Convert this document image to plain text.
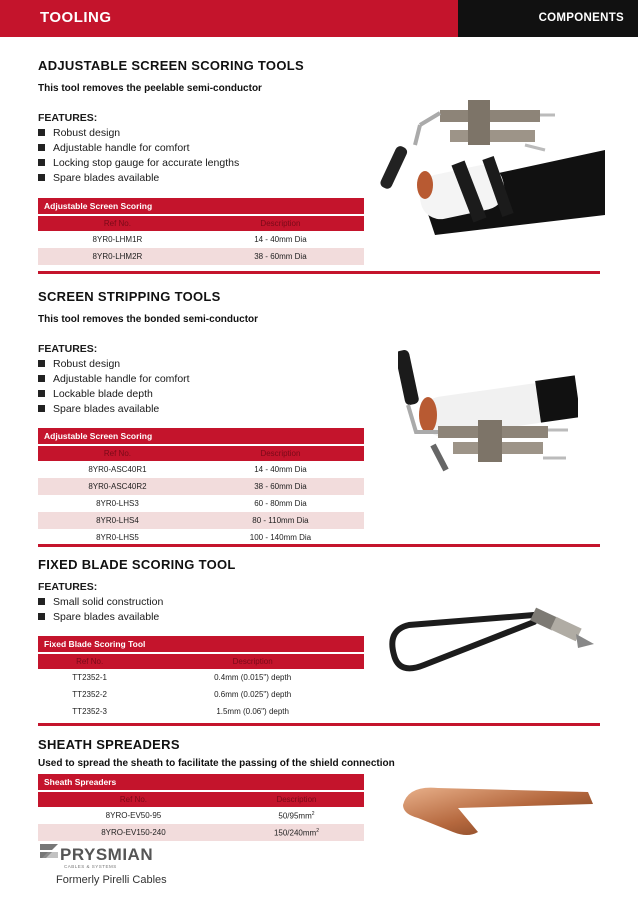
TOOLING	COMPONENTS
ADJUSTABLE SCREEN SCORING TOOLS
This tool removes the peelable semi-conductor
FEATURES:
Robust design
Adjustable handle for comfort
Locking stop gauge for accurate lengths
Spare blades available
Adjustable Screen Scoring	
Ref No.	Description
8YR0-LHM1R	14 - 40mm Dia
8YR0-LHM2R	38 - 60mm Dia
SCREEN STRIPPING TOOLS
This tool removes the bonded semi-conductor
FEATURES:
Robust design
Adjustable handle for comfort
Lockable blade depth
Spare blades available
Adjustable Screen Scoring	
Ref No.	Description
8YR0-ASC40R1	14 - 40mm Dia
8YR0-ASC40R2	38 - 60mm Dia
8YR0-LHS3	60 - 80mm Dia
8YR0-LHS4	80 - 110mm Dia
8YR0-LHS5	100 - 140mm Dia
FIXED BLADE SCORING TOOL
FEATURES:
Small solid construction
Spare blades available
Fixed Blade Scoring Tool	
Ref No.	Description
TT2352-1	0.4mm (0.015") depth
TT2352-2	0.6mm (0.025") depth
TT2352-3	1.5mm (0.06") depth
SHEATH SPREADERS
Used to spread the sheath to facilitate the passing of the shield connection
Sheath Spreaders	
Ref No.	Description
8YRO-EV50-95	$50/95mm^2$
8YRO-EV150-240	$150/240mm^2$
PRYSMIAN
CABLES & SYSTEMS
Formerly Pirelli Cables
